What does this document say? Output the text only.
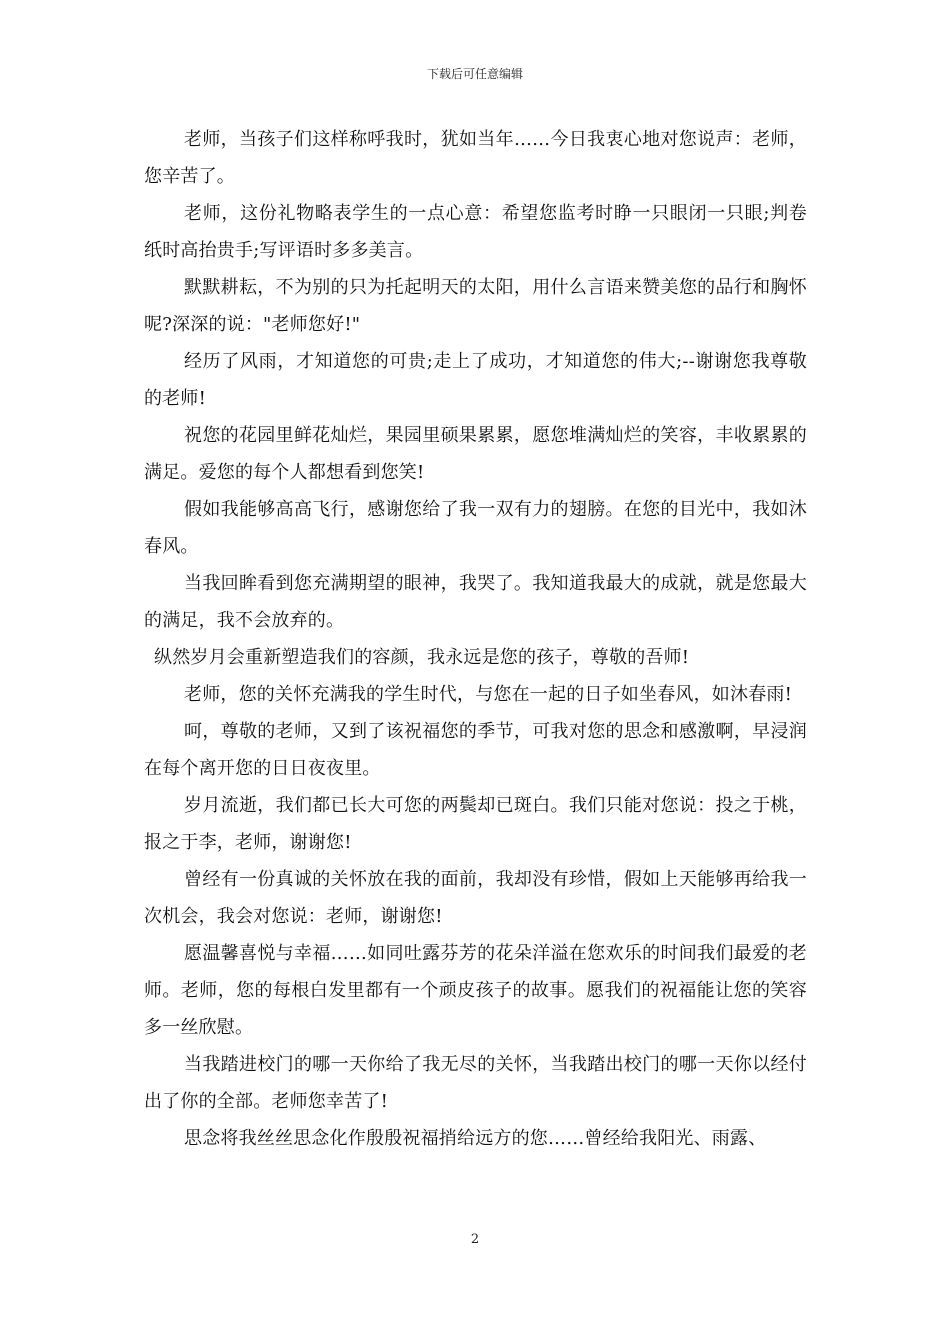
下载后可任意编辑

老师，当孩子们这样称呼我时，犹如当年……今日我衷心地对您说声：老师，您辛苦了。

老师，这份礼物略表学生的一点心意：希望您监考时睁一只眼闭一只眼;判卷纸时高抬贵手;写评语时多多美言。

默默耕耘，不为别的只为托起明天的太阳，用什么言语来赞美您的品行和胸怀呢?深深的说："老师您好!"

经历了风雨，才知道您的可贵;走上了成功，才知道您的伟大;--谢谢您我尊敬的老师!

祝您的花园里鲜花灿烂，果园里硕果累累，愿您堆满灿烂的笑容，丰收累累的满足。爱您的每个人都想看到您笑!

假如我能够高高飞行，感谢您给了我一双有力的翅膀。在您的目光中，我如沐春风。

当我回眸看到您充满期望的眼神，我哭了。我知道我最大的成就，就是您最大的满足，我不会放弃的。

纵然岁月会重新塑造我们的容颜，我永远是您的孩子，尊敬的吾师!

老师，您的关怀充满我的学生时代，与您在一起的日子如坐春风，如沐春雨!

呵，尊敬的老师，又到了该祝福您的季节，可我对您的思念和感激啊，早浸润在每个离开您的日日夜夜里。

岁月流逝，我们都已长大可您的两鬓却已斑白。我们只能对您说：投之于桃，报之于李，老师，谢谢您!

曾经有一份真诚的关怀放在我的面前，我却没有珍惜，假如上天能够再给我一次机会，我会对您说：老师，谢谢您!

愿温馨喜悦与幸福……如同吐露芬芳的花朵洋溢在您欢乐的时间我们最爱的老师。老师，您的每根白发里都有一个顽皮孩子的故事。愿我们的祝福能让您的笑容多一丝欣慰。

当我踏进校门的哪一天你给了我无尽的关怀，当我踏出校门的哪一天你以经付出了你的全部。老师您幸苦了!

思念将我丝丝思念化作殷殷祝福捎给远方的您……曾经给我阳光、雨露、

2
